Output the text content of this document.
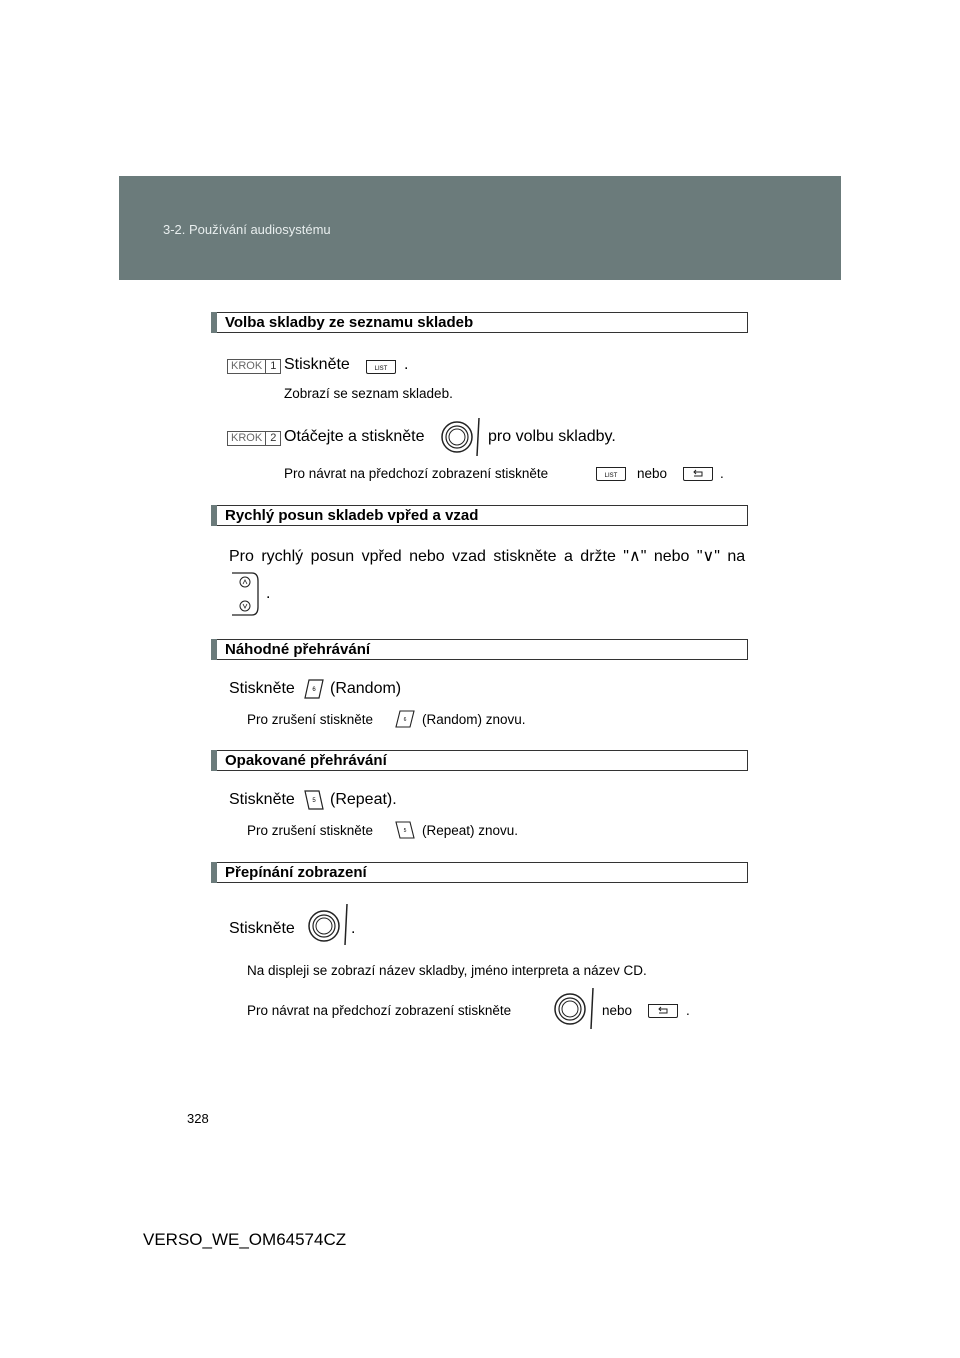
3-2. Používání audiosystému
Volba skladby ze seznamu skladeb
KROK 1 Stiskněte	LIST .
Zobrazí se seznam skladeb.
KROK 2 Otáčejte a stiskněte	pro volbu skladby.
Pro návrat na předchozí zobrazení stiskněte	LIST nebo	.
Rychlý posun skladeb vpřed a vzad
Pro rychlý posun vpřed nebo vzad stiskněte a držte "∧" nebo "∨" na
.
Náhodné přehrávání
Stiskněte	6 (Random)
Pro zrušení stiskněte	6 (Random) znovu.
Opakované přehrávání
Stiskněte	5 (Repeat).
Pro zrušení stiskněte	5 (Repeat) znovu.
Přepínání zobrazení
Stiskněte	.
Na displeji se zobrazí název skladby, jméno interpreta a název CD.
Pro návrat na předchozí zobrazení stiskněte	nebo	.
328
VERSO_WE_OM64574CZ
